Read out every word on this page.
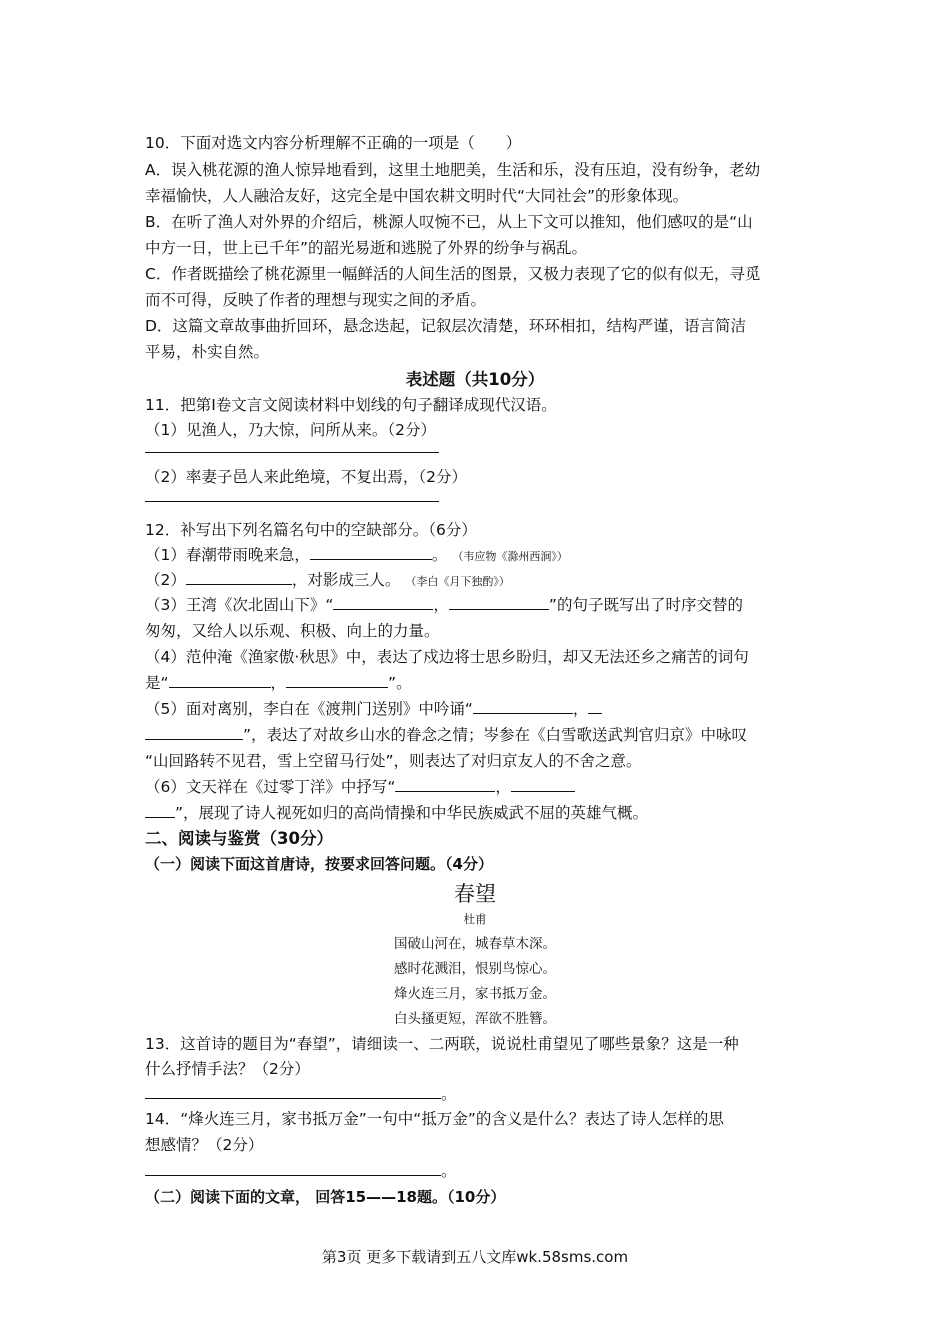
10．下面对选文内容分析理解不正确的一项是（　　）
A．误入桃花源的渔人惊异地看到，这里土地肥美，生活和乐，没有压迫，没有纷争，老幼
幸福愉快，人人融洽友好，这完全是中国农耕文明时代“大同社会”的形象体现。
B．在听了渔人对外界的介绍后，桃源人叹惋不已，从上下文可以推知，他们感叹的是“山
中方一日，世上已千年”的韶光易逝和逃脱了外界的纷争与祸乱。
C．作者既描绘了桃花源里一幅鲜活的人间生活的图景，又极力表现了它的似有似无，寻觅
而不可得，反映了作者的理想与现实之间的矛盾。
D．这篇文章故事曲折回环，悬念迭起，记叙层次清楚，环环相扣，结构严谨，语言简洁
平易，朴实自然。
表述题（共10分）
11．把第Ⅰ卷文言文阅读材料中划线的句子翻译成现代汉语。
（1）见渔人，乃大惊，问所从来。（2分）
（2）率妻子邑人来此绝境，不复出焉，（2分）
12．补写出下列名篇名句中的空缺部分。（6分）
（1）春潮带雨晚来急，	。 （韦应物《滁州西涧》）
（2）	，对影成三人。 （李白《月下独酌》）
（3）王湾《次北固山下》“	，	”的句子既写出了时序交替的
匆匆，又给人以乐观、积极、向上的力量。
（4）范仲淹《渔家傲·秋思》中，表达了戍边将士思乡盼归，却又无法还乡之痛苦的词句
是“	，	”。
（5）面对离别，李白在《渡荆门送别》中吟诵“	，
”，表达了对故乡山水的眷念之情；岑参在《白雪歌送武判官归京》中咏叹
“山回路转不见君，雪上空留马行处”，则表达了对归京友人的不舍之意。
（6）文天祥在《过零丁洋》中抒写“	，
”，展现了诗人视死如归的高尚情操和中华民族威武不屈的英雄气概。
二、阅读与鉴赏（30分）
（一）阅读下面这首唐诗，按要求回答问题。（4分）
春望
杜甫
国破山河在，城春草木深。
感时花溅泪，恨别鸟惊心。
烽火连三月，家书抵万金。
白头搔更短，浑欲不胜簪。
13．这首诗的题目为“春望”，请细读一、二两联，说说杜甫望见了哪些景象？这是一种
什么抒情手法？（2分）
。
14．“烽火连三月，家书抵万金”一句中“抵万金”的含义是什么？表达了诗人怎样的思
想感情？（2分）
。
（二）阅读下面的文章， 回答15——18题。（10分）
第3页 更多下载请到五八文库wk.58sms.com
